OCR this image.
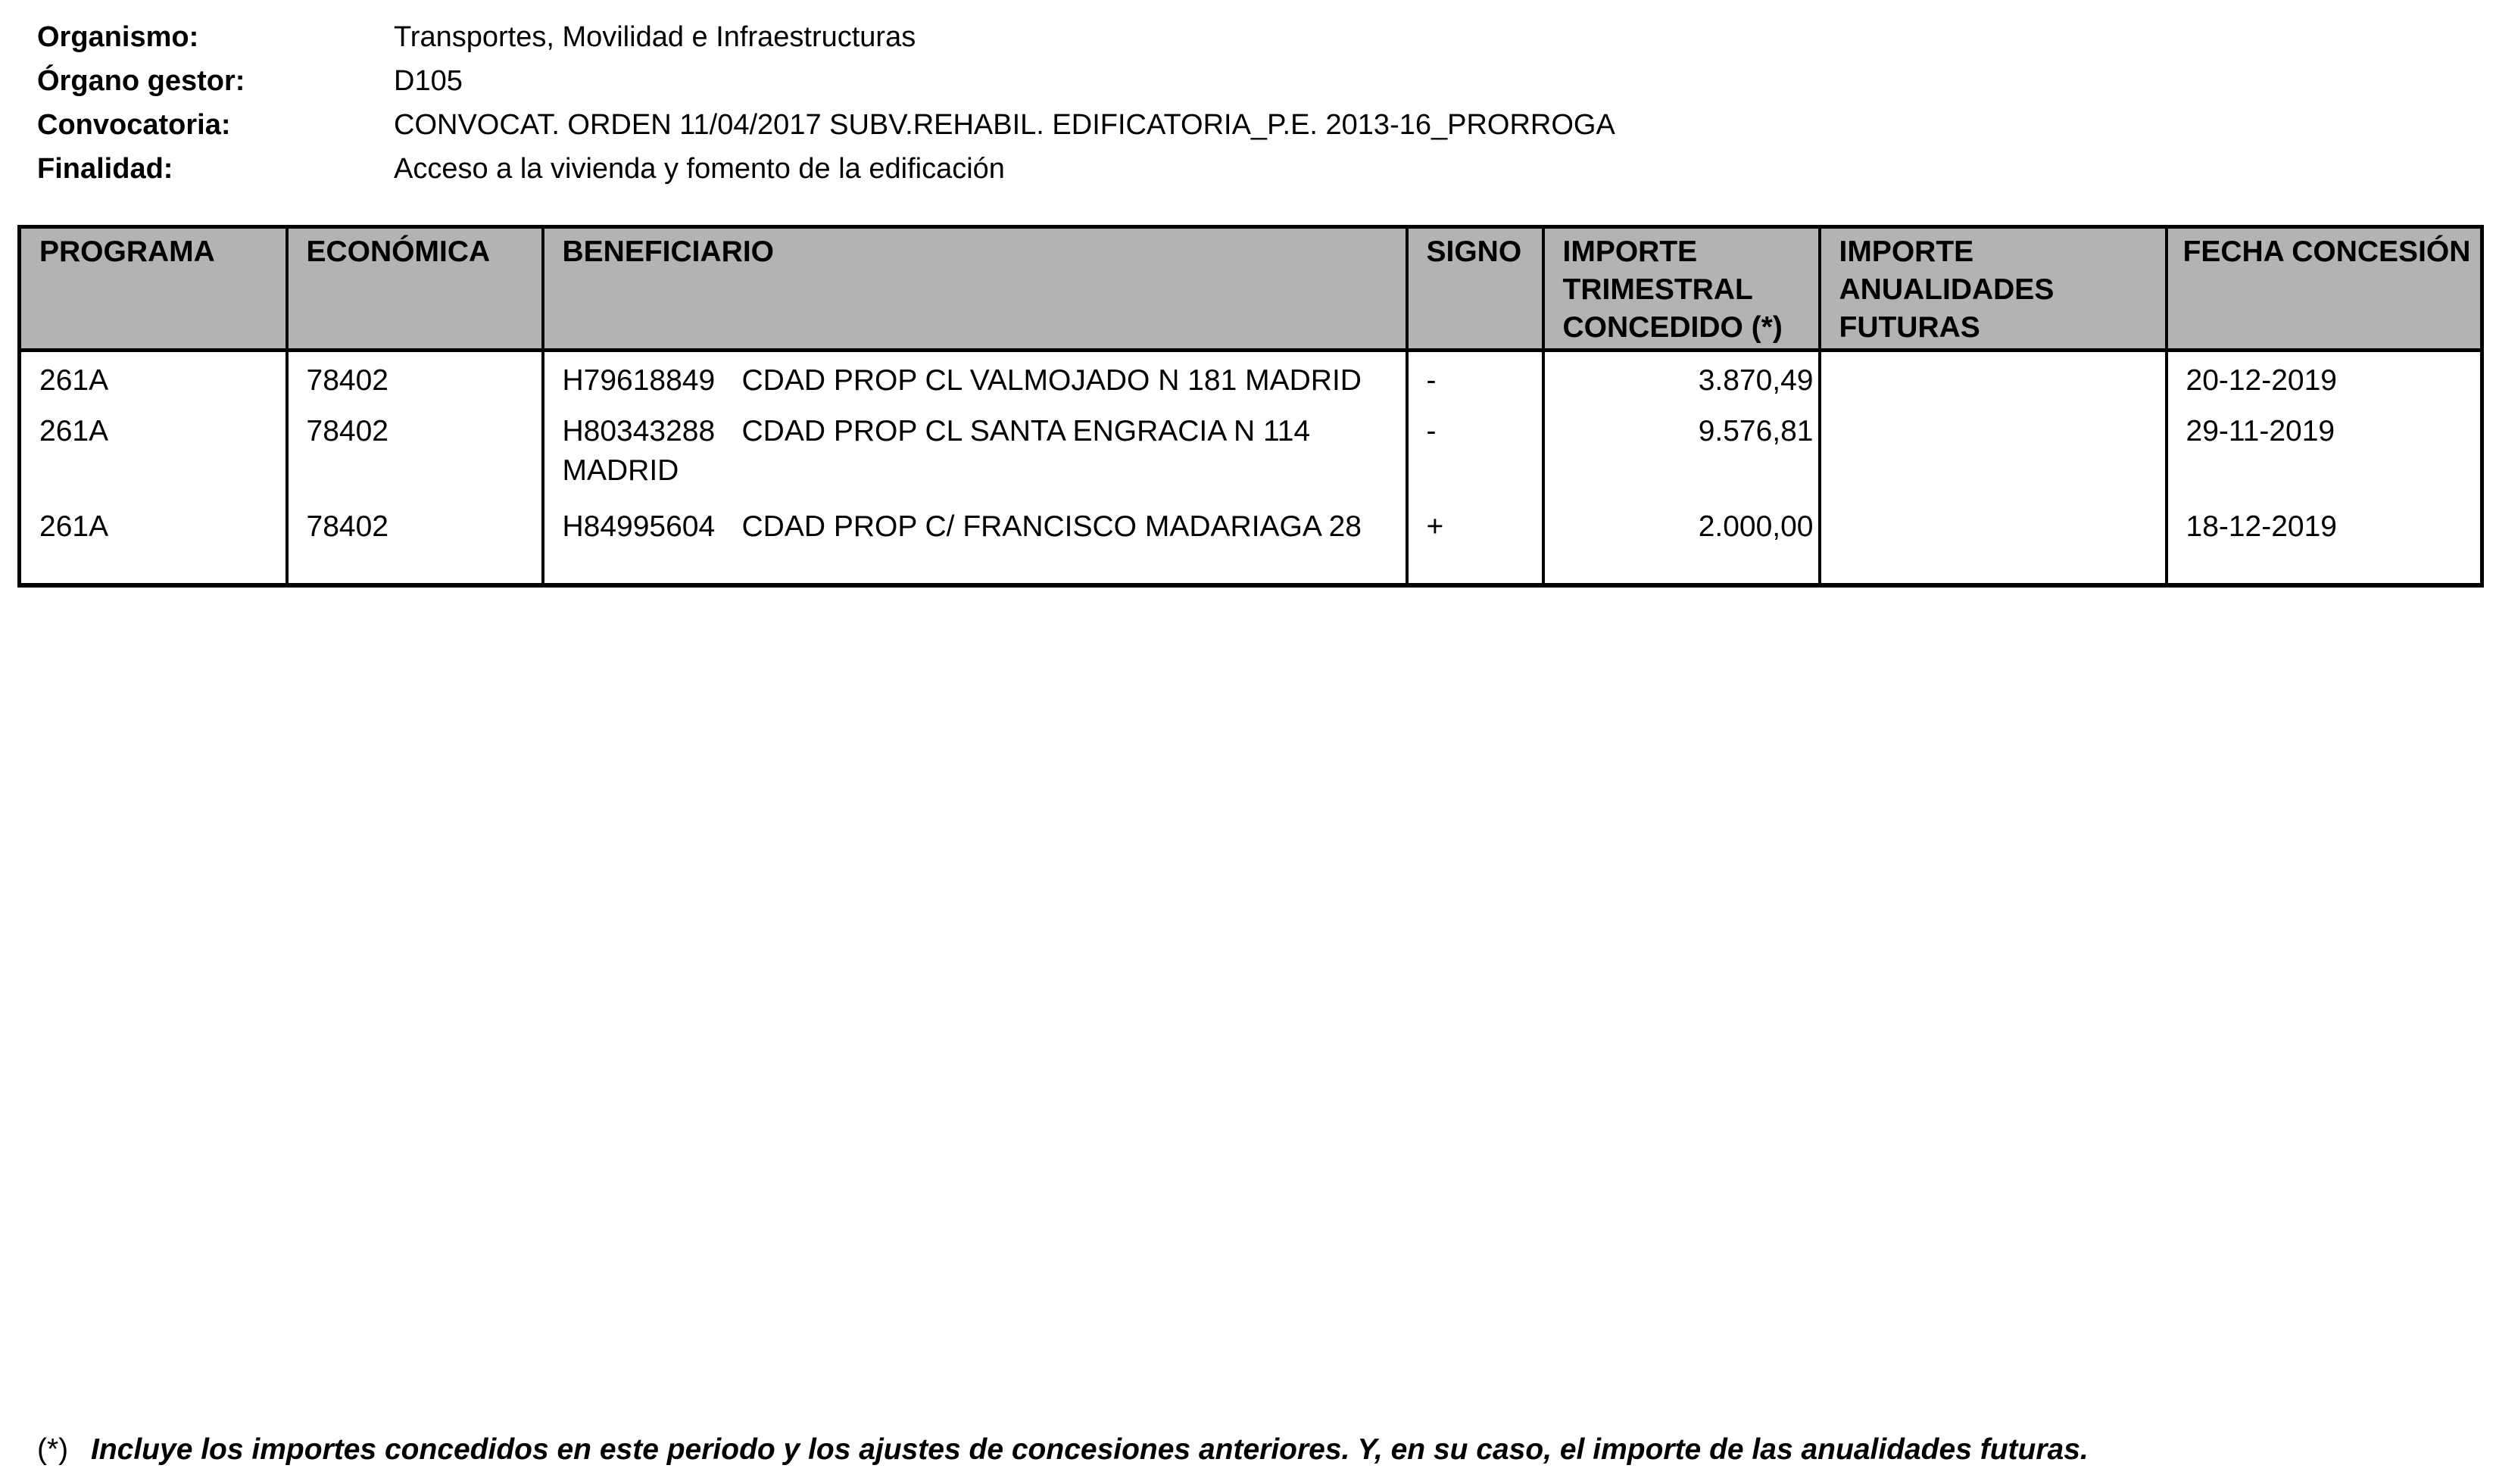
Organismo:	Transportes, Movilidad e Infraestructuras
Órgano gestor:	D105
Convocatoria:	CONVOCAT. ORDEN 11/04/2017 SUBV.REHABIL. EDIFICATORIA_P.E. 2013-16_PRORROGA
Finalidad:	Acceso a la vivienda y fomento de la edificación
PROGRAMA	ECONÓMICA	BENEFICIARIO	SIGNO	IMPORTE TRIMESTRAL CONCEDIDO (*)	IMPORTE ANUALIDADES FUTURAS	FECHA CONCESIÓN
261A	78402	H79618849 CDAD PROP CL VALMOJADO N 181 MADRID	-	3.870,49		20-12-2019
261A	78402	H80343288 CDAD PROP CL SANTA ENGRACIA N 114 MADRID	-	9.576,81		29-11-2019
261A	78402	H84995604 CDAD PROP C/ FRANCISCO MADARIAGA 28	+	2.000,00		18-12-2019
(*) Incluye los importes concedidos en este periodo y los ajustes de concesiones anteriores. Y, en su caso, el importe de las anualidades futuras.
